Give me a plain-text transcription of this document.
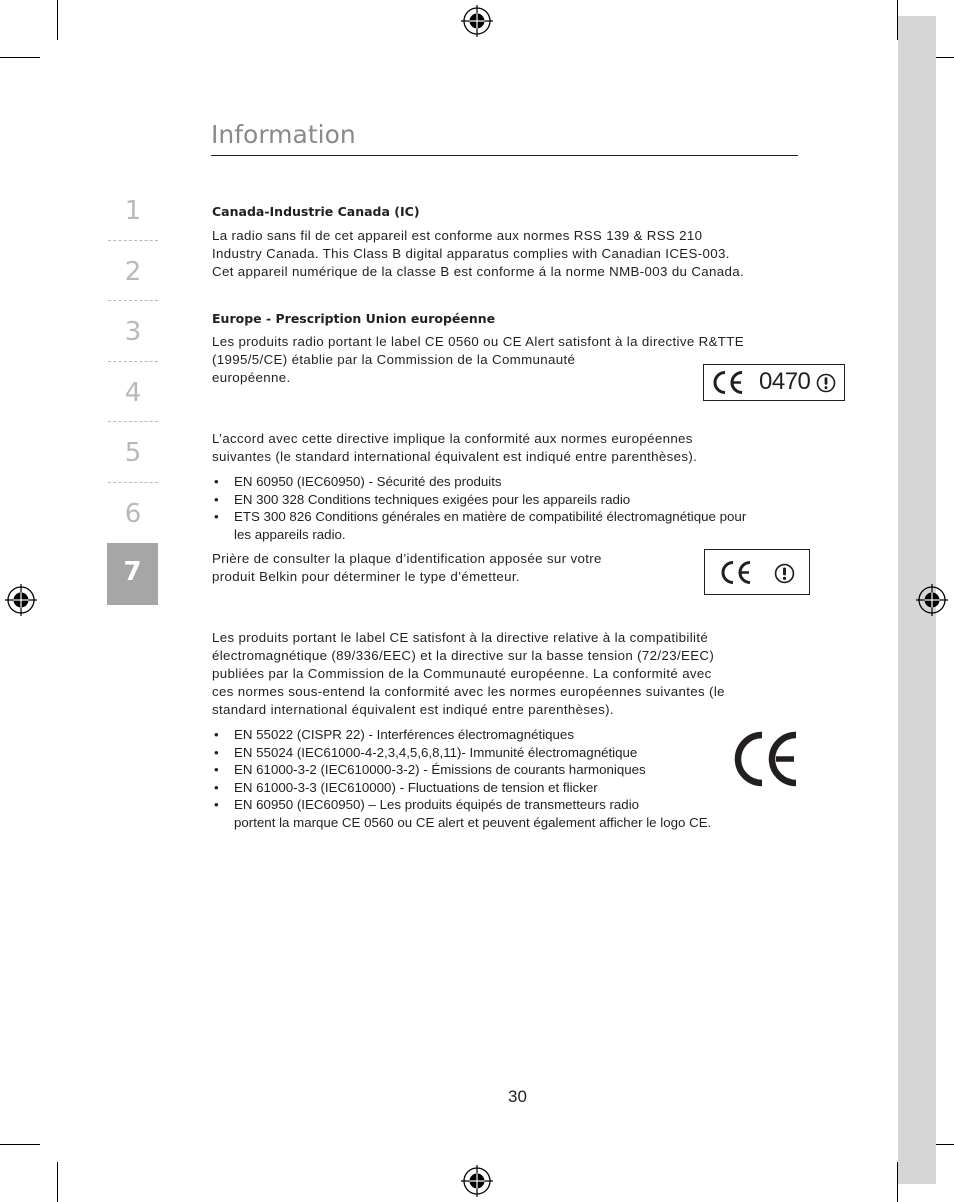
1
2
3
4
5
6
7
Information
Canada-Industrie Canada (IC)

La radio sans fil de cet appareil est conforme aux normes RSS 139 & RSS 210
Industry Canada. This Class B digital apparatus complies with Canadian ICES-003.
Cet appareil numérique de la classe B est conforme á la norme NMB-003 du Canada.

Europe - Prescription Union européenne

Les produits radio portant le label CE 0560 ou CE Alert satisfont à la directive R&TTE
(1995/5/CE) établie par la Commission de la Communauté
européenne.	0470

L’accord avec cette directive implique la conformité aux normes européennes
suivantes (le standard international équivalent est indiqué entre parenthèses).

• EN 60950 (IEC60950) - Sécurité des produits
• EN 300 328 Conditions techniques exigées pour les appareils radio
• ETS 300 826 Conditions générales en matière de compatibilité électromagnétique pour
les appareils radio.

Prière de consulter la plaque d’identification apposée sur votre
produit Belkin pour déterminer le type d’émetteur.

Les produits portant le label CE satisfont à la directive relative à la compatibilité
électromagnétique (89/336/EEC) et la directive sur la basse tension (72/23/EEC)
publiées par la Commission de la Communauté européenne. La conformité avec
ces normes sous-entend la conformité avec les normes européennes suivantes (le
standard international équivalent est indiqué entre parenthèses).

• EN 55022 (CISPR 22) - Interférences électromagnétiques
• EN 55024 (IEC61000-4-2,3,4,5,6,8,11)- Immunité électromagnétique
• EN 61000-3-2 (IEC610000-3-2) - Émissions de courants harmoniques
• EN 61000-3-3 (IEC610000) - Fluctuations de tension et flicker
• EN 60950 (IEC60950) – Les produits équipés de transmetteurs radio
portent la marque CE 0560 ou CE alert et peuvent également afficher le logo CE.
30
